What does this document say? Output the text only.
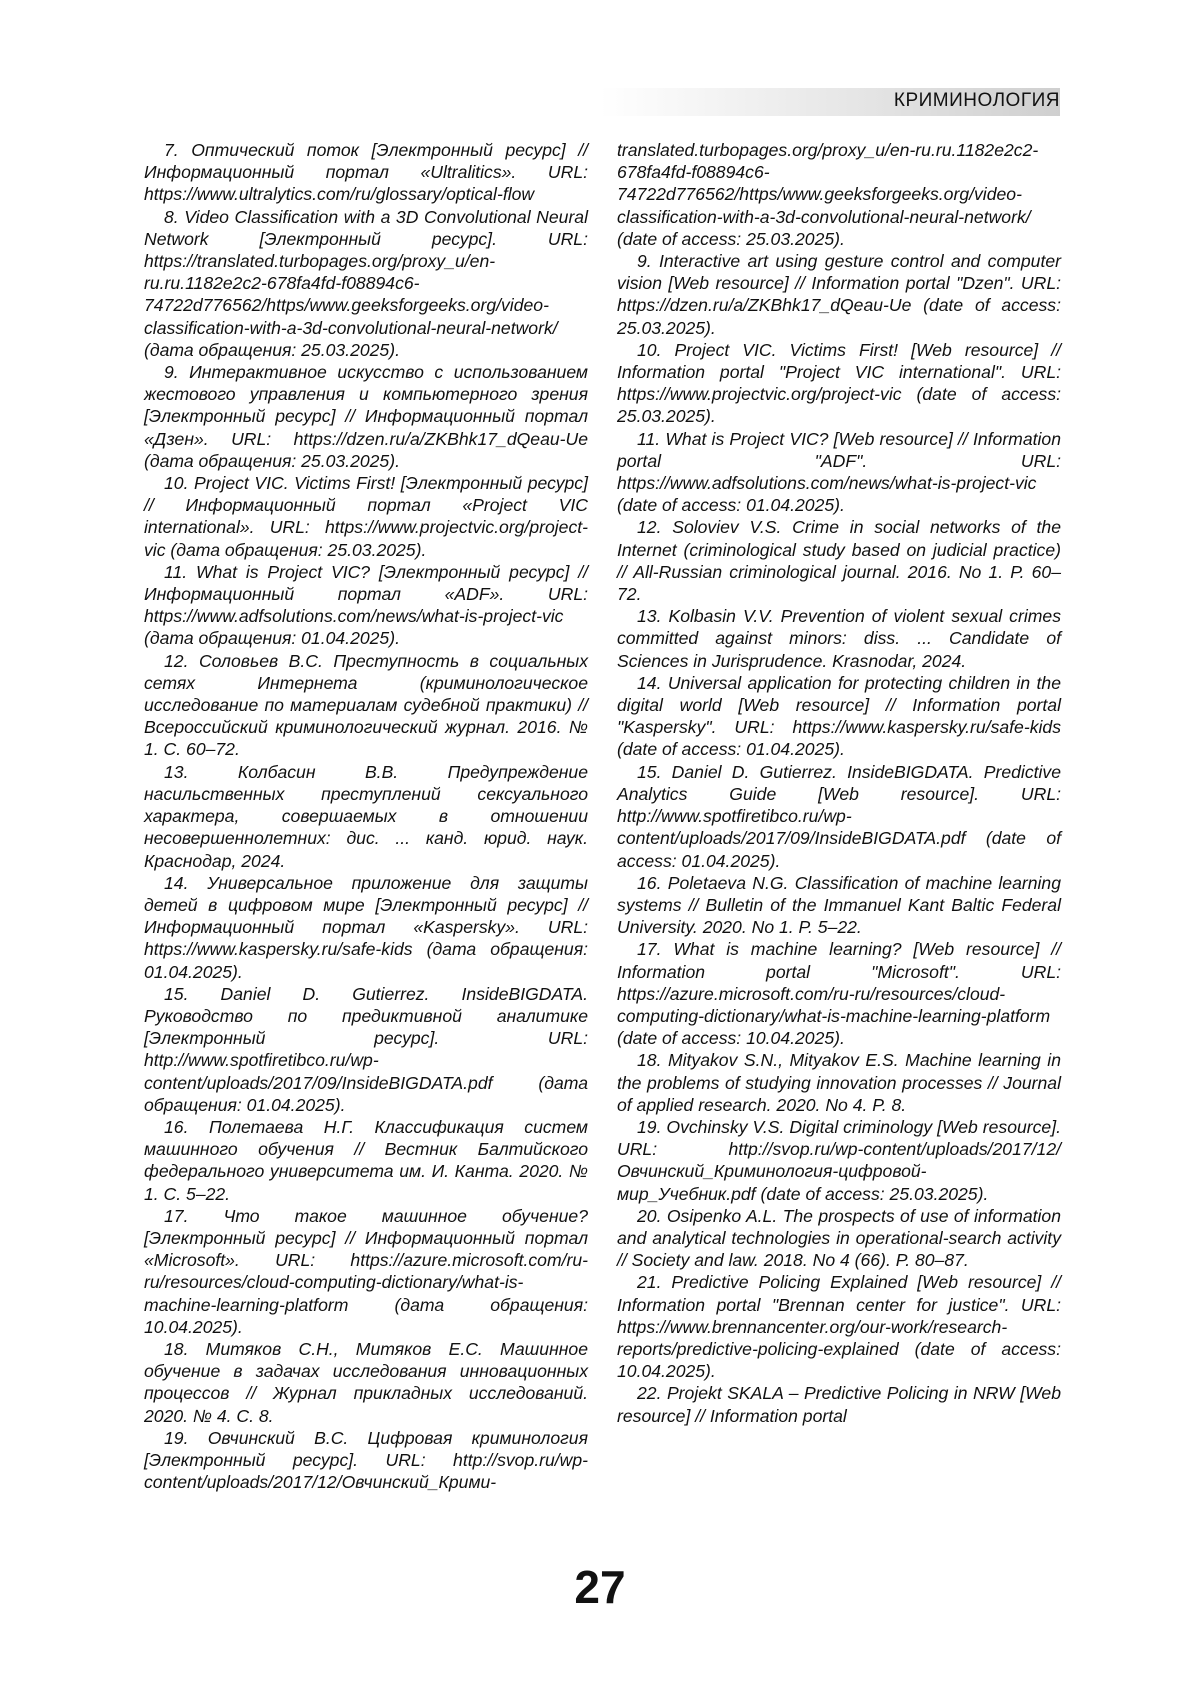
КРИМИНОЛОГИЯ

7. Оптический поток [Электронный ресурс] // Информационный портал «Ultralitics». URL: https://www.ultralytics.com/ru/glossary/optical-flow

8. Video Classification with a 3D Convolutional Neural Network [Электронный ресурс]. URL: https://translated.turbopages.org/proxy_u/en-ru.ru.1182e2c2-678fa4fd-f08894c6-74722d776562/https/www.geeksforgeeks.org/video-classification-with-a-3d-convolutional-neural-network/ (дата обращения: 25.03.2025).

9. Интерактивное искусство с использованием жестового управления и компьютерного зрения [Электронный ресурс] // Информационный портал «Дзен». URL: https://dzen.ru/a/ZKBhk17_dQeau-Ue (дата обращения: 25.03.2025).

10. Project VIC. Victims First! [Электронный ресурс] // Информационный портал «Project VIC international». URL: https://www.projectvic.org/project-vic (дата обращения: 25.03.2025).

11. What is Project VIC? [Электронный ресурс] // Информационный портал «ADF». URL: https://www.adfsolutions.com/news/what-is-project-vic (дата обращения: 01.04.2025).

12. Соловьев В.С. Преступность в социальных сетях Интернета (криминологическое исследование по материалам судебной практики) // Всероссийский криминологический журнал. 2016. № 1. С. 60–72.

13. Колбасин В.В. Предупреждение насильственных преступлений сексуального характера, совершаемых в отношении несовершеннолетних: дис. ... канд. юрид. наук. Краснодар, 2024.

14. Универсальное приложение для защиты детей в цифровом мире [Электронный ресурс] // Информационный портал «Kaspersky». URL: https://www.kaspersky.ru/safe-kids (дата обращения: 01.04.2025).

15. Daniel D. Gutierrez. InsideBIGDATA. Руководство по предиктивной аналитике [Электронный ресурс]. URL: http://www.spotfiretibco.ru/wp-content/uploads/2017/09/InsideBIGDATA.pdf (дата обращения: 01.04.2025).

16. Полетаева Н.Г. Классификация систем машинного обучения // Вестник Балтийского федерального университета им. И. Канта. 2020. № 1. С. 5–22.

17. Что такое машинное обучение? [Электронный ресурс] // Информационный портал «Microsoft». URL: https://azure.microsoft.com/ru-ru/resources/cloud-computing-dictionary/what-is-machine-learning-platform (дата обращения: 10.04.2025).

18. Митяков С.Н., Митяков Е.С. Машинное обучение в задачах исследования инновационных процессов // Журнал прикладных исследований. 2020. № 4. С. 8.

19. Овчинский В.С. Цифровая криминология [Электронный ресурс]. URL: http://svop.ru/wp-content/uploads/2017/12/Овчинский_Крими-

translated.turbopages.org/proxy_u/en-ru.ru.1182e2c2-678fa4fd-f08894c6-74722d776562/https/www.geeksforgeeks.org/video-classification-with-a-3d-convolutional-neural-network/ (date of access: 25.03.2025).

9. Interactive art using gesture control and computer vision [Web resource] // Information portal "Dzen". URL: https://dzen.ru/a/ZKBhk17_dQeau-Ue (date of access: 25.03.2025).

10. Project VIC. Victims First! [Web resource] // Information portal "Project VIC international". URL: https://www.projectvic.org/project-vic (date of access: 25.03.2025).

11. What is Project VIC? [Web resource] // Information portal "ADF". URL: https://www.adfsolutions.com/news/what-is-project-vic (date of access: 01.04.2025).

12. Soloviev V.S. Crime in social networks of the Internet (criminological study based on judicial practice) // All-Russian criminological journal. 2016. No 1. P. 60–72.

13. Kolbasin V.V. Prevention of violent sexual crimes committed against minors: diss. ... Candidate of Sciences in Jurisprudence. Krasnodar, 2024.

14. Universal application for protecting children in the digital world [Web resource] // Information portal "Kaspersky". URL: https://www.kaspersky.ru/safe-kids (date of access: 01.04.2025).

15. Daniel D. Gutierrez. InsideBIGDATA. Predictive Analytics Guide [Web resource]. URL: http://www.spotfiretibco.ru/wp-content/uploads/2017/09/InsideBIGDATA.pdf (date of access: 01.04.2025).

16. Poletaeva N.G. Classification of machine learning systems // Bulletin of the Immanuel Kant Baltic Federal University. 2020. No 1. P. 5–22.

17. What is machine learning? [Web resource] // Information portal "Microsoft". URL: https://azure.microsoft.com/ru-ru/resources/cloud-computing-dictionary/what-is-machine-learning-platform (date of access: 10.04.2025).

18. Mityakov S.N., Mityakov E.S. Machine learning in the problems of studying innovation processes // Journal of applied research. 2020. No 4. P. 8.

19. Ovchinsky V.S. Digital criminology [Web resource]. URL: http://svop.ru/wp-content/uploads/2017/12/Овчинский_Криминология-цифровой-мир_Учебник.pdf (date of access: 25.03.2025).

20. Osipenko A.L. The prospects of use of information and analytical technologies in operational-search activity // Society and law. 2018. No 4 (66). P. 80–87.

21. Predictive Policing Explained [Web resource] // Information portal "Brennan center for justice". URL: https://www.brennancenter.org/our-work/research-reports/predictive-policing-explained (date of access: 10.04.2025).

22. Projekt SKALA – Predictive Policing in NRW [Web resource] // Information portal

27
